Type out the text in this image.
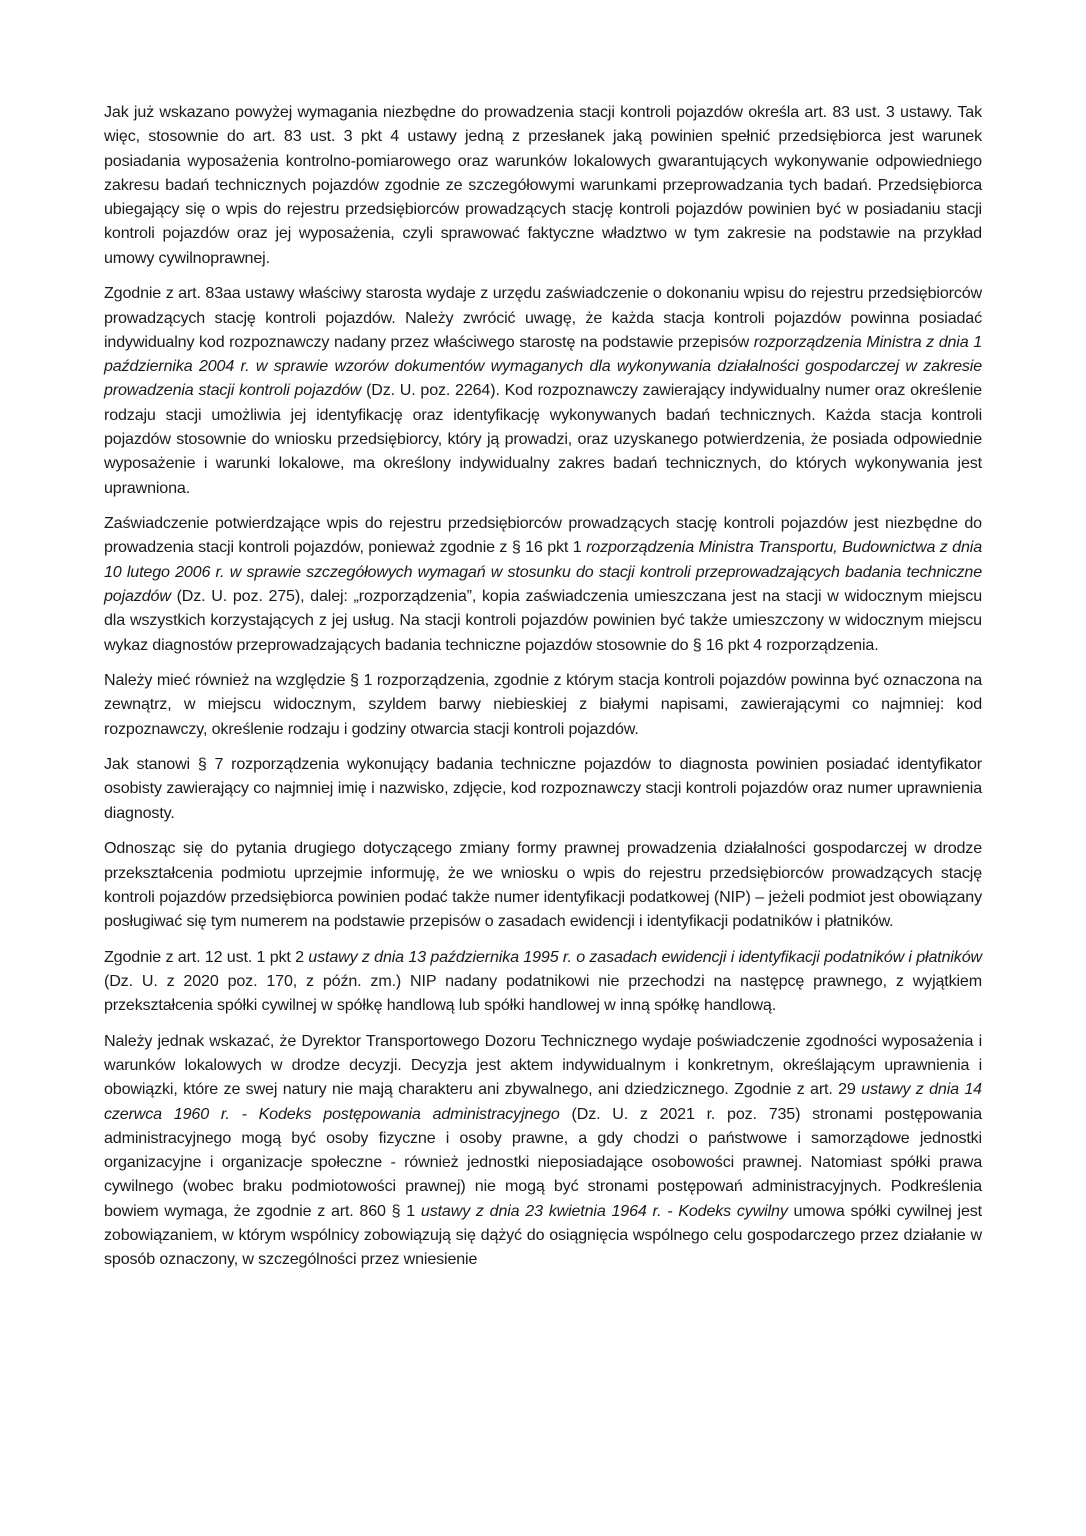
Jak już wskazano powyżej wymagania niezbędne do prowadzenia stacji kontroli pojazdów określa art. 83 ust. 3 ustawy. Tak więc, stosownie do art. 83 ust. 3 pkt 4 ustawy jedną z przesłanek jaką powinien spełnić przedsiębiorca jest warunek posiadania wyposażenia kontrolno-pomiarowego oraz warunków lokalowych gwarantujących wykonywanie odpowiedniego zakresu badań technicznych pojazdów zgodnie ze szczegółowymi warunkami przeprowadzania tych badań. Przedsiębiorca ubiegający się o wpis do rejestru przedsiębiorców prowadzących stację kontroli pojazdów powinien być w posiadaniu stacji kontroli pojazdów oraz jej wyposażenia, czyli sprawować faktyczne władztwo w tym zakresie na podstawie na przykład umowy cywilnoprawnej.

Zgodnie z art. 83aa ustawy właściwy starosta wydaje z urzędu zaświadczenie o dokonaniu wpisu do rejestru przedsiębiorców prowadzących stację kontroli pojazdów. Należy zwrócić uwagę, że każda stacja kontroli pojazdów powinna posiadać indywidualny kod rozpoznawczy nadany przez właściwego starostę na podstawie przepisów rozporządzenia Ministra z dnia 1 października 2004 r. w sprawie wzorów dokumentów wymaganych dla wykonywania działalności gospodarczej w zakresie prowadzenia stacji kontroli pojazdów (Dz. U. poz. 2264). Kod rozpoznawczy zawierający indywidualny numer oraz określenie rodzaju stacji umożliwia jej identyfikację oraz identyfikację wykonywanych badań technicznych. Każda stacja kontroli pojazdów stosownie do wniosku przedsiębiorcy, który ją prowadzi, oraz uzyskanego potwierdzenia, że posiada odpowiednie wyposażenie i warunki lokalowe, ma określony indywidualny zakres badań technicznych, do których wykonywania jest uprawniona.

Zaświadczenie potwierdzające wpis do rejestru przedsiębiorców prowadzących stację kontroli pojazdów jest niezbędne do prowadzenia stacji kontroli pojazdów, ponieważ zgodnie z § 16 pkt 1 rozporządzenia Ministra Transportu, Budownictwa z dnia 10 lutego 2006 r. w sprawie szczegółowych wymagań w stosunku do stacji kontroli przeprowadzających badania techniczne pojazdów (Dz. U. poz. 275), dalej: „rozporządzenia”, kopia zaświadczenia umieszczana jest na stacji w widocznym miejscu dla wszystkich korzystających z jej usług. Na stacji kontroli pojazdów powinien być także umieszczony w widocznym miejscu wykaz diagnostów przeprowadzających badania techniczne pojazdów stosownie do § 16 pkt 4 rozporządzenia.

Należy mieć również na względzie § 1 rozporządzenia, zgodnie z którym stacja kontroli pojazdów powinna być oznaczona na zewnątrz, w miejscu widocznym, szyldem barwy niebieskiej z białymi napisami, zawierającymi co najmniej: kod rozpoznawczy, określenie rodzaju i godziny otwarcia stacji kontroli pojazdów.

Jak stanowi § 7 rozporządzenia wykonujący badania techniczne pojazdów to diagnosta powinien posiadać identyfikator osobisty zawierający co najmniej imię i nazwisko, zdjęcie, kod rozpoznawczy stacji kontroli pojazdów oraz numer uprawnienia diagnosty.

Odnosząc się do pytania drugiego dotyczącego zmiany formy prawnej prowadzenia działalności gospodarczej w drodze przekształcenia podmiotu uprzejmie informuję, że we wniosku o wpis do rejestru przedsiębiorców prowadzących stację kontroli pojazdów przedsiębiorca powinien podać także numer identyfikacji podatkowej (NIP) – jeżeli podmiot jest obowiązany posługiwać się tym numerem na podstawie przepisów o zasadach ewidencji i identyfikacji podatników i płatników.

Zgodnie z art. 12 ust. 1 pkt 2 ustawy z dnia 13 października 1995 r. o zasadach ewidencji i identyfikacji podatników i płatników (Dz. U. z 2020 poz. 170, z późn. zm.) NIP nadany podatnikowi nie przechodzi na następcę prawnego, z wyjątkiem przekształcenia spółki cywilnej w spółkę handlową lub spółki handlowej w inną spółkę handlową.

Należy jednak wskazać, że Dyrektor Transportowego Dozoru Technicznego wydaje poświadczenie zgodności wyposażenia i warunków lokalowych w drodze decyzji. Decyzja jest aktem indywidualnym i konkretnym, określającym uprawnienia i obowiązki, które ze swej natury nie mają charakteru ani zbywalnego, ani dziedzicznego. Zgodnie z art. 29 ustawy z dnia 14 czerwca 1960 r. - Kodeks postępowania administracyjnego (Dz. U. z 2021 r. poz. 735) stronami postępowania administracyjnego mogą być osoby fizyczne i osoby prawne, a gdy chodzi o państwowe i samorządowe jednostki organizacyjne i organizacje społeczne - również jednostki nieposiadające osobowości prawnej. Natomiast spółki prawa cywilnego (wobec braku podmiotowości prawnej) nie mogą być stronami postępowań administracyjnych. Podkreślenia bowiem wymaga, że zgodnie z art. 860 § 1 ustawy z dnia 23 kwietnia 1964 r. - Kodeks cywilny umowa spółki cywilnej jest zobowiązaniem, w którym wspólnicy zobowiązują się dążyć do osiągnięcia wspólnego celu gospodarczego przez działanie w sposób oznaczony, w szczególności przez wniesienie
